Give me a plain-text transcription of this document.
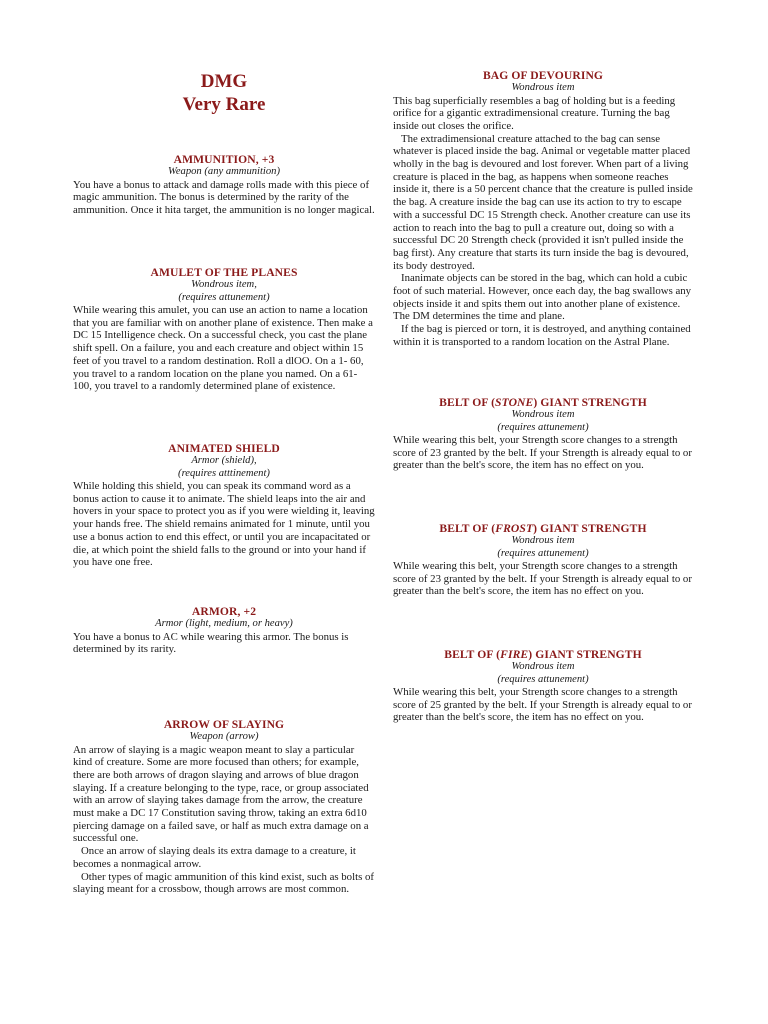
DMG
Very Rare
AMMUNITION, +3
Weapon (any ammunition)

You have a bonus to attack and damage rolls made with this piece of magic ammunition. The bonus is determined by the rarity of the ammunition. Once it hita target, the ammunition is no longer magical.

AMULET OF THE PLANES
Wondrous item,
(requires attunement)

While wearing this amulet, you can use an action to name a location that you are familiar with on another plane of existence. Then make a DC 15 Intelligence check. On a successful check, you cast the plane shift spell. On a failure, you and each creature and object within 15 feet of you travel to a random destination. Roll a dlOO. On a 1- 60, you travel to a random location on the plane you named. On a 61- 100, you travel to a randomly determined plane of existence.

ANIMATED SHIELD
Armor (shield),
(requires atttinement)

While holding this shield, you can speak its command word as a bonus action to cause it to animate. The shield leaps into the air and hovers in your space to protect you as if you were wielding it, leaving your hands free. The shield remains animated for 1 minute, until you use a bonus action to end this effect, or until you are incapacitated or die, at which point the shield falls to the ground or into your hand if you have one free.

ARMOR, +2
Armor (light, medium, or heavy)

You have a bonus to AC while wearing this armor. The bonus is determined by its rarity.

ARROW OF SLAYING
Weapon (arrow)

An arrow of slaying is a magic weapon meant to slay a particular kind of creature. Some are more focused than others; for example, there are both arrows of dragon slaying and arrows of blue dragon slaying. If a creature belonging to the type, race, or group associated with an arrow of slaying takes damage from the arrow, the creature must make a DC 17 Constitution saving throw, taking an extra 6d10 piercing damage on a failed save, or half as much extra damage on a successful one.

Once an arrow of slaying deals its extra damage to a creature, it becomes a nonmagical arrow.

Other types of magic ammunition of this kind exist, such as bolts of slaying meant for a crossbow, though arrows are most common.

BAG OF DEVOURING
Wondrous item

This bag superficially resembles a bag of holding but is a feeding orifice for a gigantic extradimensional creature. Turning the bag inside out closes the orifice.

The extradimensional creature attached to the bag can sense whatever is placed inside the bag. Animal or vegetable matter placed wholly in the bag is devoured and lost forever. When part of a living creature is placed in the bag, as happens when someone reaches inside it, there is a 50 percent chance that the creature is pulled inside the bag. A creature inside the bag can use its action to try to escape with a successful DC 15 Strength check. Another creature can use its action to reach into the bag to pull a creature out, doing so with a successful DC 20 Strength check (provided it isn't pulled inside the bag first). Any creature that starts its turn inside the bag is devoured, its body destroyed.

Inanimate objects can be stored in the bag, which can hold a cubic foot of such material. However, once each day, the bag swallows any objects inside it and spits them out into another plane of existence. The DM determines the time and plane.

If the bag is pierced or torn, it is destroyed, and anything contained within it is transported to a random location on the Astral Plane.

BELT OF (STONE) GIANT STRENGTH
Wondrous item
(requires attunement)

While wearing this belt, your Strength score changes to a strength score of 23 granted by the belt. If your Strength is already equal to or greater than the belt's score, the item has no effect on you.

BELT OF (FROST) GIANT STRENGTH
Wondrous item
(requires attunement)

While wearing this belt, your Strength score changes to a strength score of 23 granted by the belt. If your Strength is already equal to or greater than the belt's score, the item has no effect on you.

BELT OF (FIRE) GIANT STRENGTH
Wondrous item
(requires attunement)

While wearing this belt, your Strength score changes to a strength score of 25 granted by the belt. If your Strength is already equal to or greater than the belt's score, the item has no effect on you.
